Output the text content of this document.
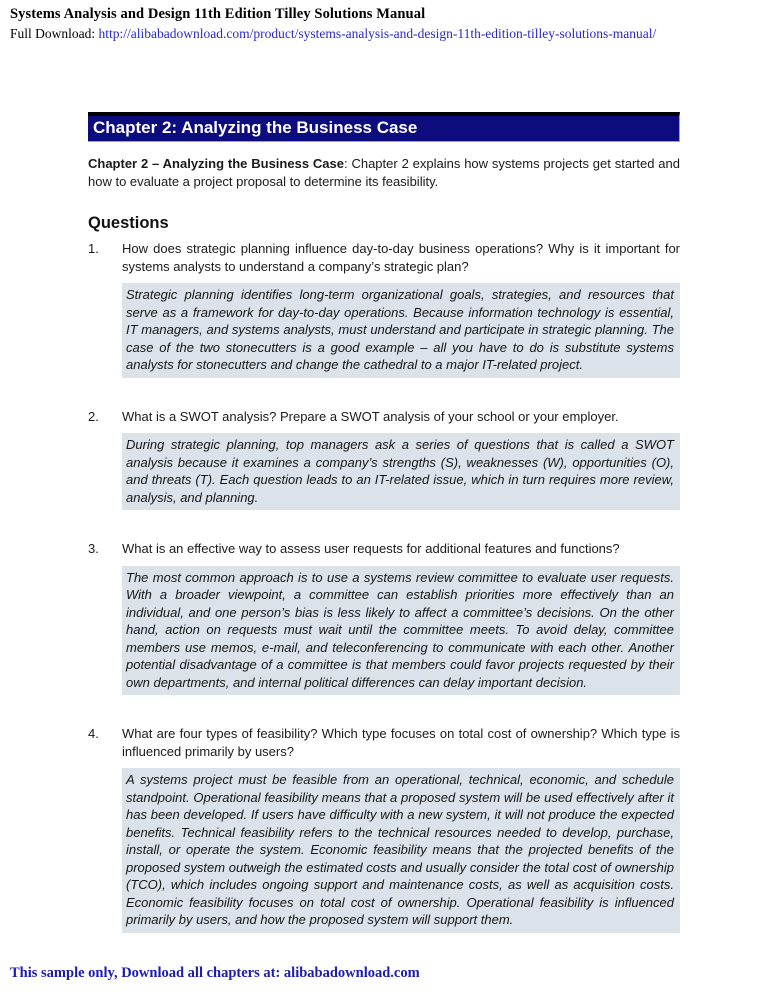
Systems Analysis and Design 11th Edition Tilley Solutions Manual
Full Download: http://alibabadownload.com/product/systems-analysis-and-design-11th-edition-tilley-solutions-manual/
Chapter 2: Analyzing the Business Case

Chapter 2 – Analyzing the Business Case: Chapter 2 explains how systems projects get started and how to evaluate a project proposal to determine its feasibility.

Questions
1.	How does strategic planning influence day-to-day business operations? Why is it important for systems analysts to understand a company’s strategic plan?
Strategic planning identifies long-term organizational goals, strategies, and resources that serve as a framework for day-to-day operations. Because information technology is essential, IT managers, and systems analysts, must understand and participate in strategic planning. The case of the two stonecutters is a good example – all you have to do is substitute systems analysts for stonecutters and change the cathedral to a major IT-related project.
2.	What is a SWOT analysis? Prepare a SWOT analysis of your school or your employer.
During strategic planning, top managers ask a series of questions that is called a SWOT analysis because it examines a company’s strengths (S), weaknesses (W), opportunities (O), and threats (T). Each question leads to an IT-related issue, which in turn requires more review, analysis, and planning.
3.	What is an effective way to assess user requests for additional features and functions?
The most common approach is to use a systems review committee to evaluate user requests. With a broader viewpoint, a committee can establish priorities more effectively than an individual, and one person’s bias is less likely to affect a committee’s decisions. On the other hand, action on requests must wait until the committee meets. To avoid delay, committee members use memos, e-mail, and teleconferencing to communicate with each other. Another potential disadvantage of a committee is that members could favor projects requested by their own departments, and internal political differences can delay important decision.
4.	What are four types of feasibility? Which type focuses on total cost of ownership? Which type is influenced primarily by users?
A systems project must be feasible from an operational, technical, economic, and schedule standpoint. Operational feasibility means that a proposed system will be used effectively after it has been developed. If users have difficulty with a new system, it will not produce the expected benefits. Technical feasibility refers to the technical resources needed to develop, purchase, install, or operate the system. Economic feasibility means that the projected benefits of the proposed system outweigh the estimated costs and usually consider the total cost of ownership (TCO), which includes ongoing support and maintenance costs, as well as acquisition costs. Economic feasibility focuses on total cost of ownership. Operational feasibility is influenced primarily by users, and how the proposed system will support them.
This sample only, Download all chapters at: alibabadownload.com
